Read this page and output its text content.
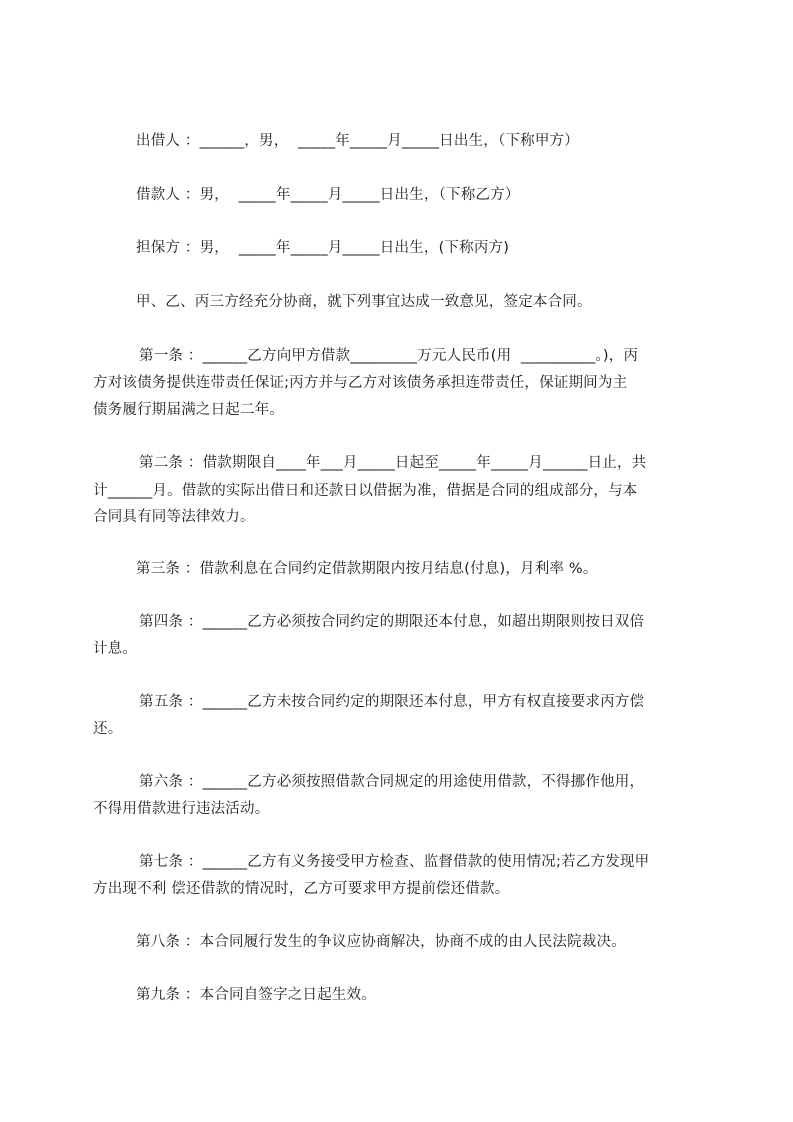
出借人 ：______，男，  _____年_____月_____日出生，（下称甲方）
借款人 ：男，  _____年_____月_____日出生，（下称乙方）
担保方 ：男，  _____年_____月_____日出生，(下称丙方)
甲、乙、丙三方经充分协商，就下列事宜达成一致意见，签定本合同。
第一条 ：______乙方向甲方借款_________万元人民币(用  __________。)，丙
方对该债务提供连带责任保证;丙方并与乙方对该债务承担连带责任，保证期间为主
债务履行期届满之日起二年。
第二条 ：借款期限自____年___月_____日起至_____年_____月______日止，共
计______月。借款的实际出借日和还款日以借据为准，借据是合同的组成部分，与本
合同具有同等法律效力。
第三条 ：借款利息在合同约定借款期限内按月结息(付息)，月利率 %。
第四条 ：______乙方必须按合同约定的期限还本付息，如超出期限则按日双倍
计息。
第五条 ：______乙方未按合同约定的期限还本付息，甲方有权直接要求丙方偿
还。
第六条 ：______乙方必须按照借款合同规定的用途使用借款，不得挪作他用，
不得用借款进行违法活动。
第七条 ：______乙方有义务接受甲方检查、监督借款的使用情况;若乙方发现甲
方出现不利 偿还借款的情况时，乙方可要求甲方提前偿还借款。
第八条 ：本合同履行发生的争议应协商解决，协商不成的由人民法院裁决。
第九条 ：本合同自签字之日起生效。
